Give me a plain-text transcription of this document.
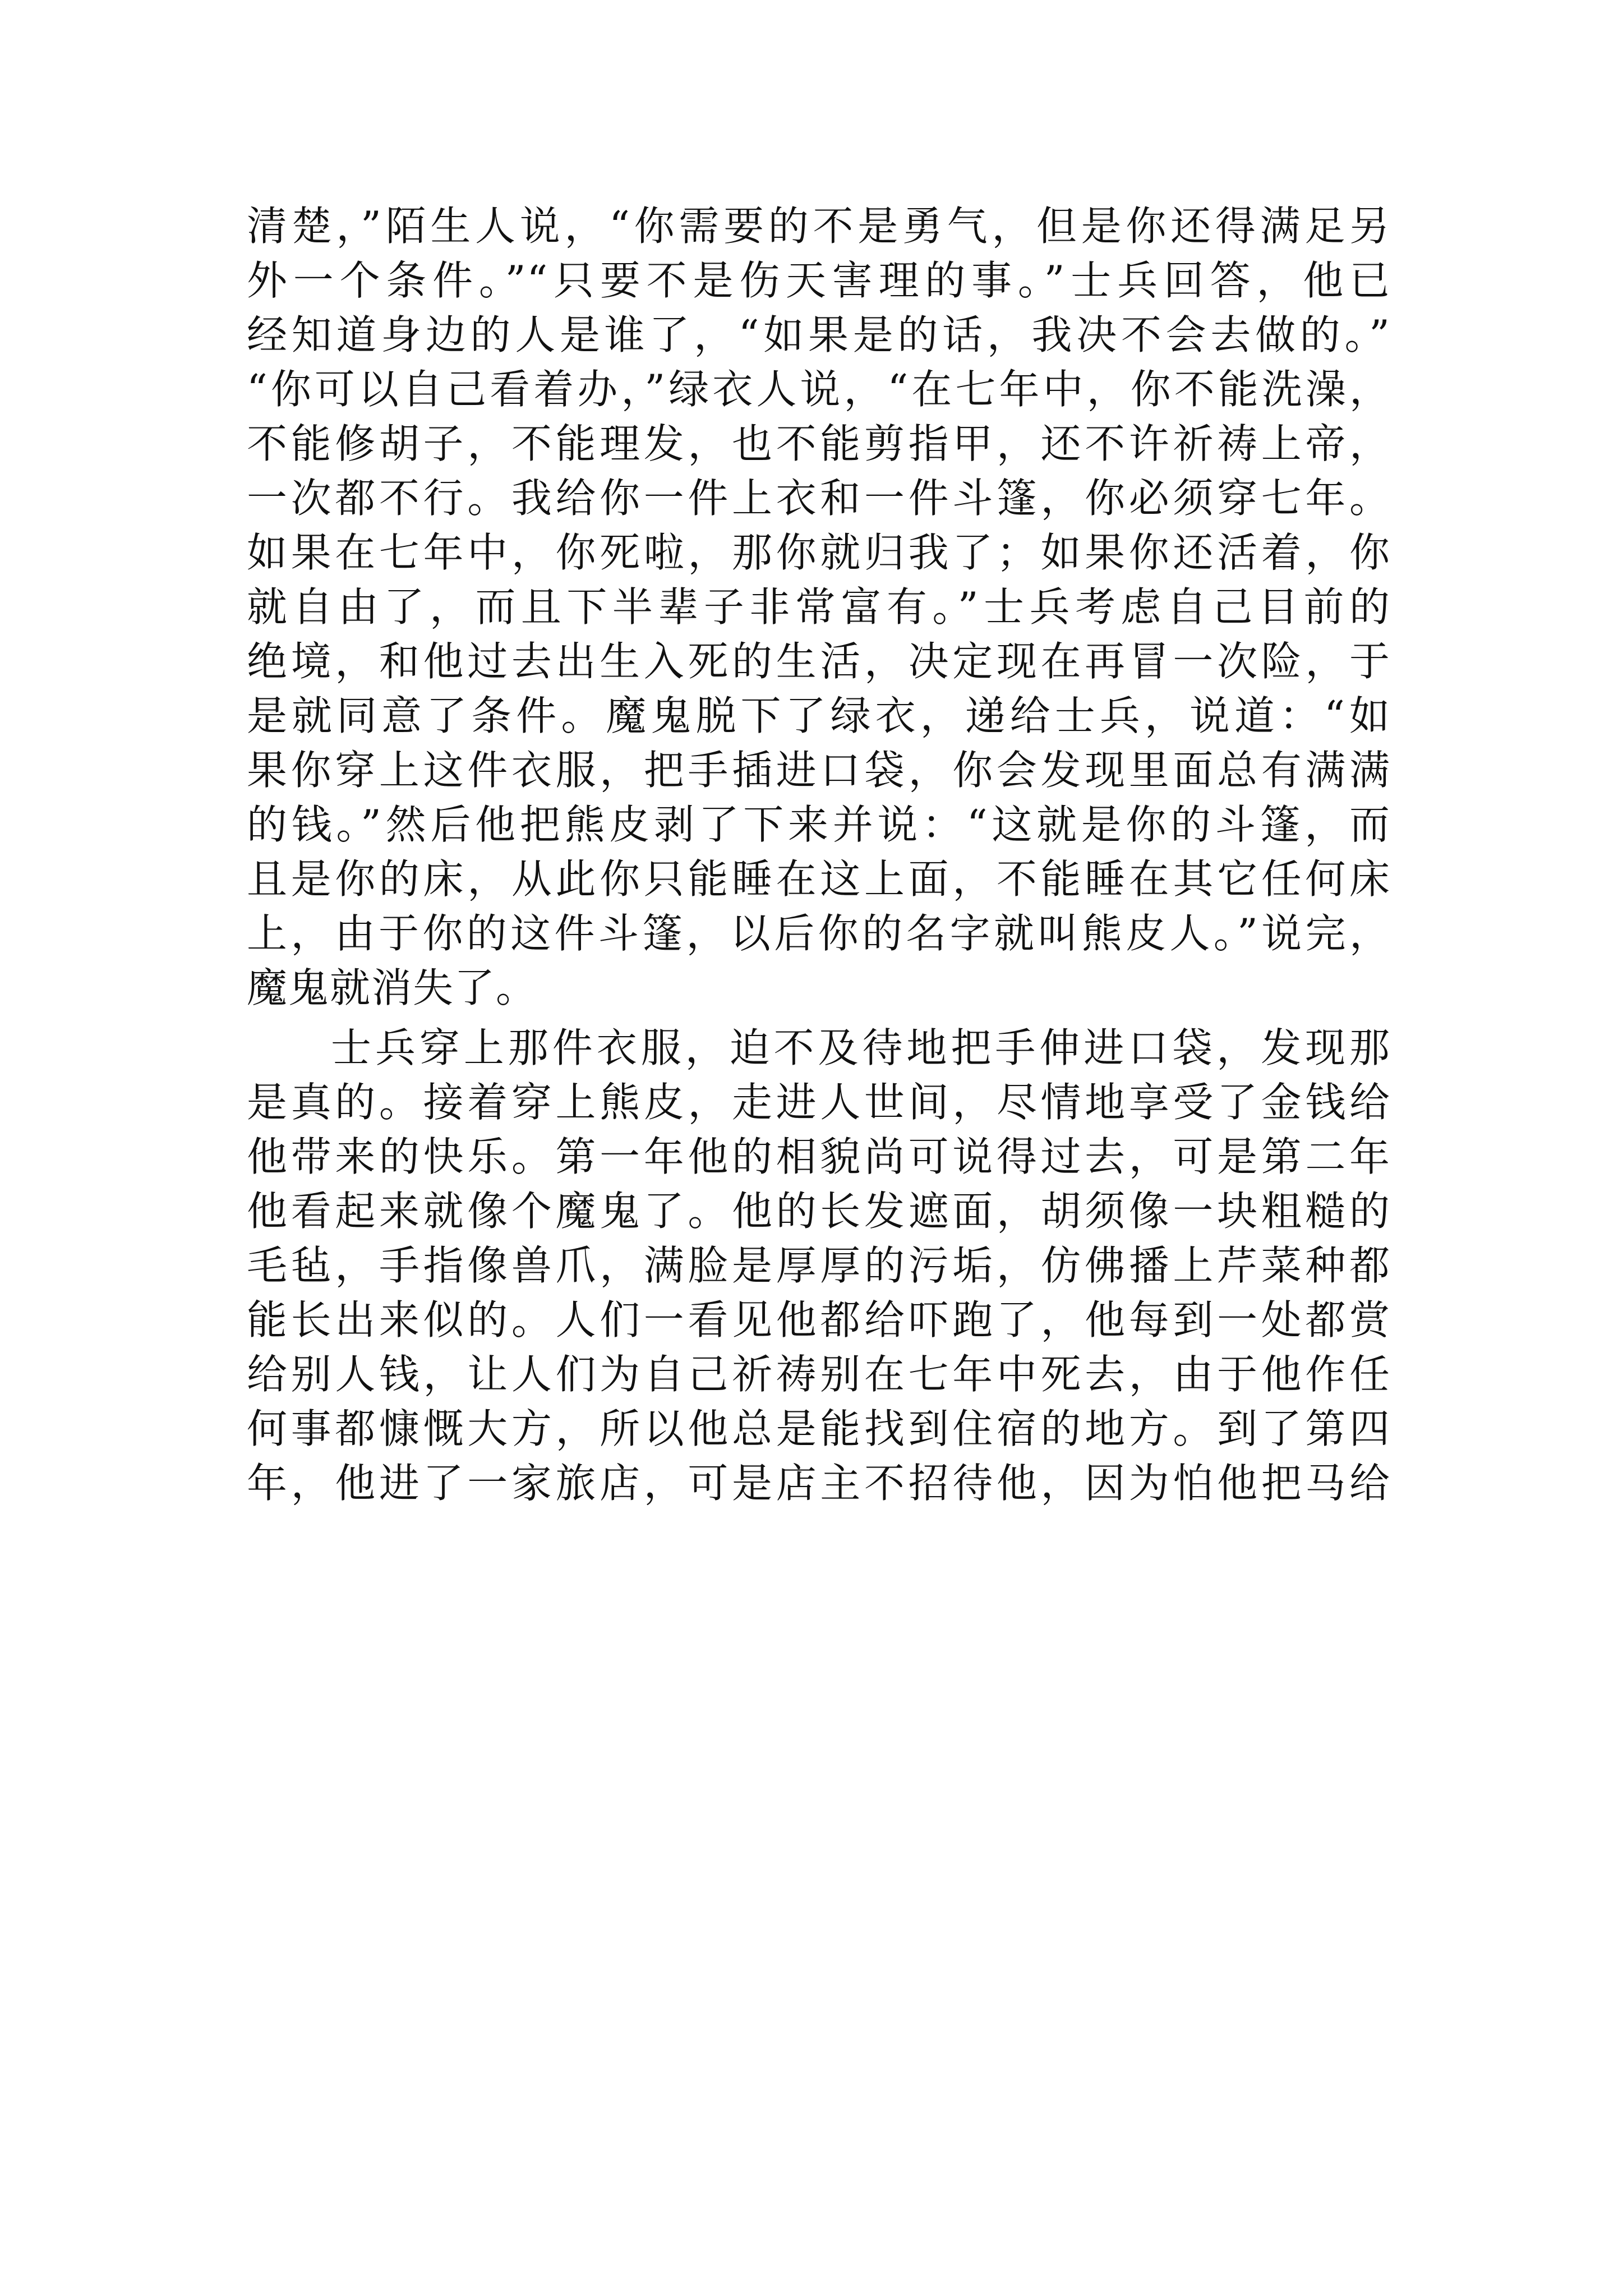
清楚，”陌生人说，“你需要的不是勇气，但是你还得满足另
外一个条件。”“只要不是伤天害理的事。”士兵回答，他已
经知道身边的人是谁了，“如果是的话，我决不会去做的。”
“你可以自己看着办，”绿衣人说，“在七年中，你不能洗澡，
不能修胡子，不能理发，也不能剪指甲，还不许祈祷上帝，
一次都不行。我给你一件上衣和一件斗篷，你必须穿七年。
如果在七年中，你死啦，那你就归我了；如果你还活着，你
就自由了，而且下半辈子非常富有。”士兵考虑自己目前的
绝境，和他过去出生入死的生活，决定现在再冒一次险，于
是就同意了条件。魔鬼脱下了绿衣，递给士兵，说道：“如
果你穿上这件衣服，把手插进口袋，你会发现里面总有满满
的钱。”然后他把熊皮剥了下来并说：“这就是你的斗篷，而
且是你的床，从此你只能睡在这上面，不能睡在其它任何床
上，由于你的这件斗篷，以后你的名字就叫熊皮人。”说完，
魔鬼就消失了。
士兵穿上那件衣服，迫不及待地把手伸进口袋，发现那
是真的。接着穿上熊皮，走进人世间，尽情地享受了金钱给
他带来的快乐。第一年他的相貌尚可说得过去，可是第二年
他看起来就像个魔鬼了。他的长发遮面，胡须像一块粗糙的
毛毡，手指像兽爪，满脸是厚厚的污垢，仿佛播上芹菜种都
能长出来似的。人们一看见他都给吓跑了，他每到一处都赏
给别人钱，让人们为自己祈祷别在七年中死去，由于他作任
何事都慷慨大方，所以他总是能找到住宿的地方。到了第四
年，他进了一家旅店，可是店主不招待他，因为怕他把马给
